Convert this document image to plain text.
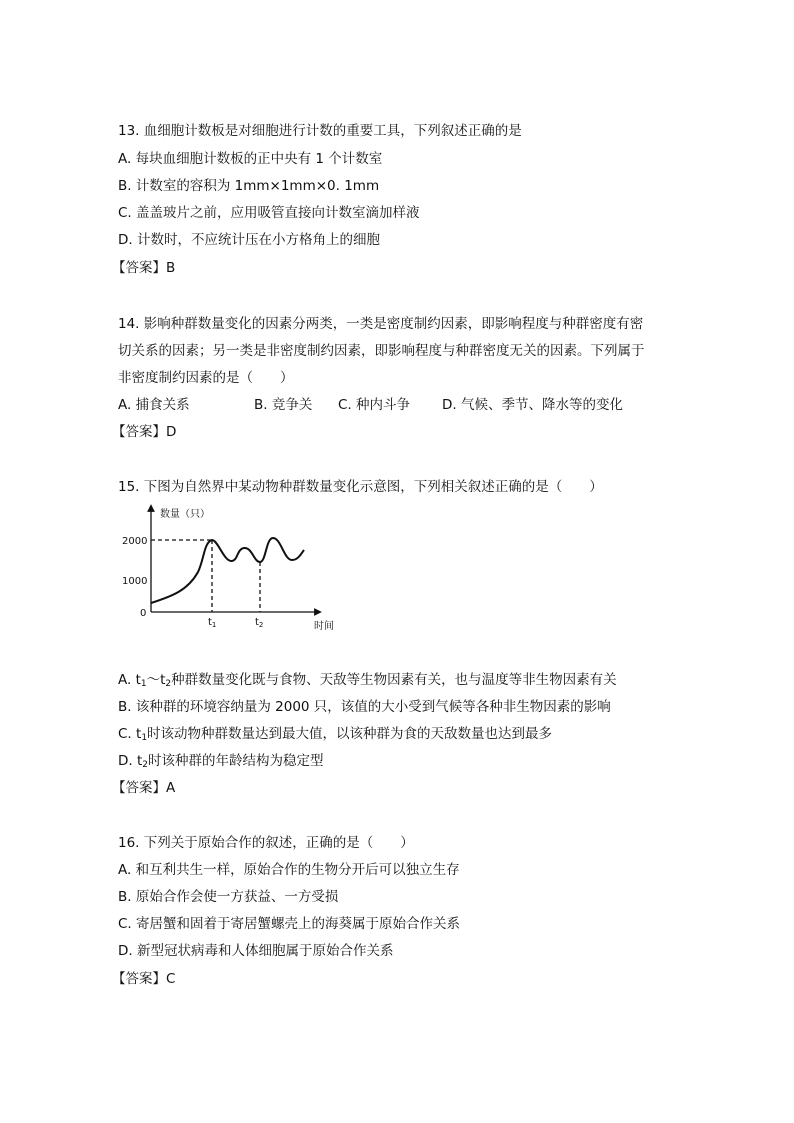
13. 血细胞计数板是对细胞进行计数的重要工具，下列叙述正确的是
A. 每块血细胞计数板的正中央有 1 个计数室
B. 计数室的容积为 1mm×1mm×0. 1mm
C. 盖盖玻片之前，应用吸管直接向计数室滴加样液
D. 计数时，不应统计压在小方格角上的细胞
【答案】B
14. 影响种群数量变化的因素分两类，一类是密度制约因素，即影响程度与种群密度有密
切关系的因素；另一类是非密度制约因素，即影响程度与种群密度无关的因素。下列属于
非密度制约因素的是（　　）
A. 捕食关系	B. 竞争关 C. 种内斗争 D. 气候、季节、降水等的变化
【答案】D
15. 下图为自然界中某动物种群数量变化示意图，下列相关叙述正确的是（　　）
数量（只）
时间
2000
1000
0
$t_1$	$t_2$
A. $t_1\sim t_2$种群数量变化既与食物、天敌等生物因素有关，也与温度等非生物因素有关
B. 该种群的环境容纳量为 2000 只，该值的大小受到气候等各种非生物因素的影响
C. $t_1$时该动物种群数量达到最大值，以该种群为食的天敌数量也达到最多
D. $t_2$时该种群的年龄结构为稳定型
【答案】A
16. 下列关于原始合作的叙述，正确的是（　　）
A. 和互利共生一样，原始合作的生物分开后可以独立生存
B. 原始合作会使一方获益、一方受损
C. 寄居蟹和固着于寄居蟹螺壳上的海葵属于原始合作关系
D. 新型冠状病毒和人体细胞属于原始合作关系
【答案】C
